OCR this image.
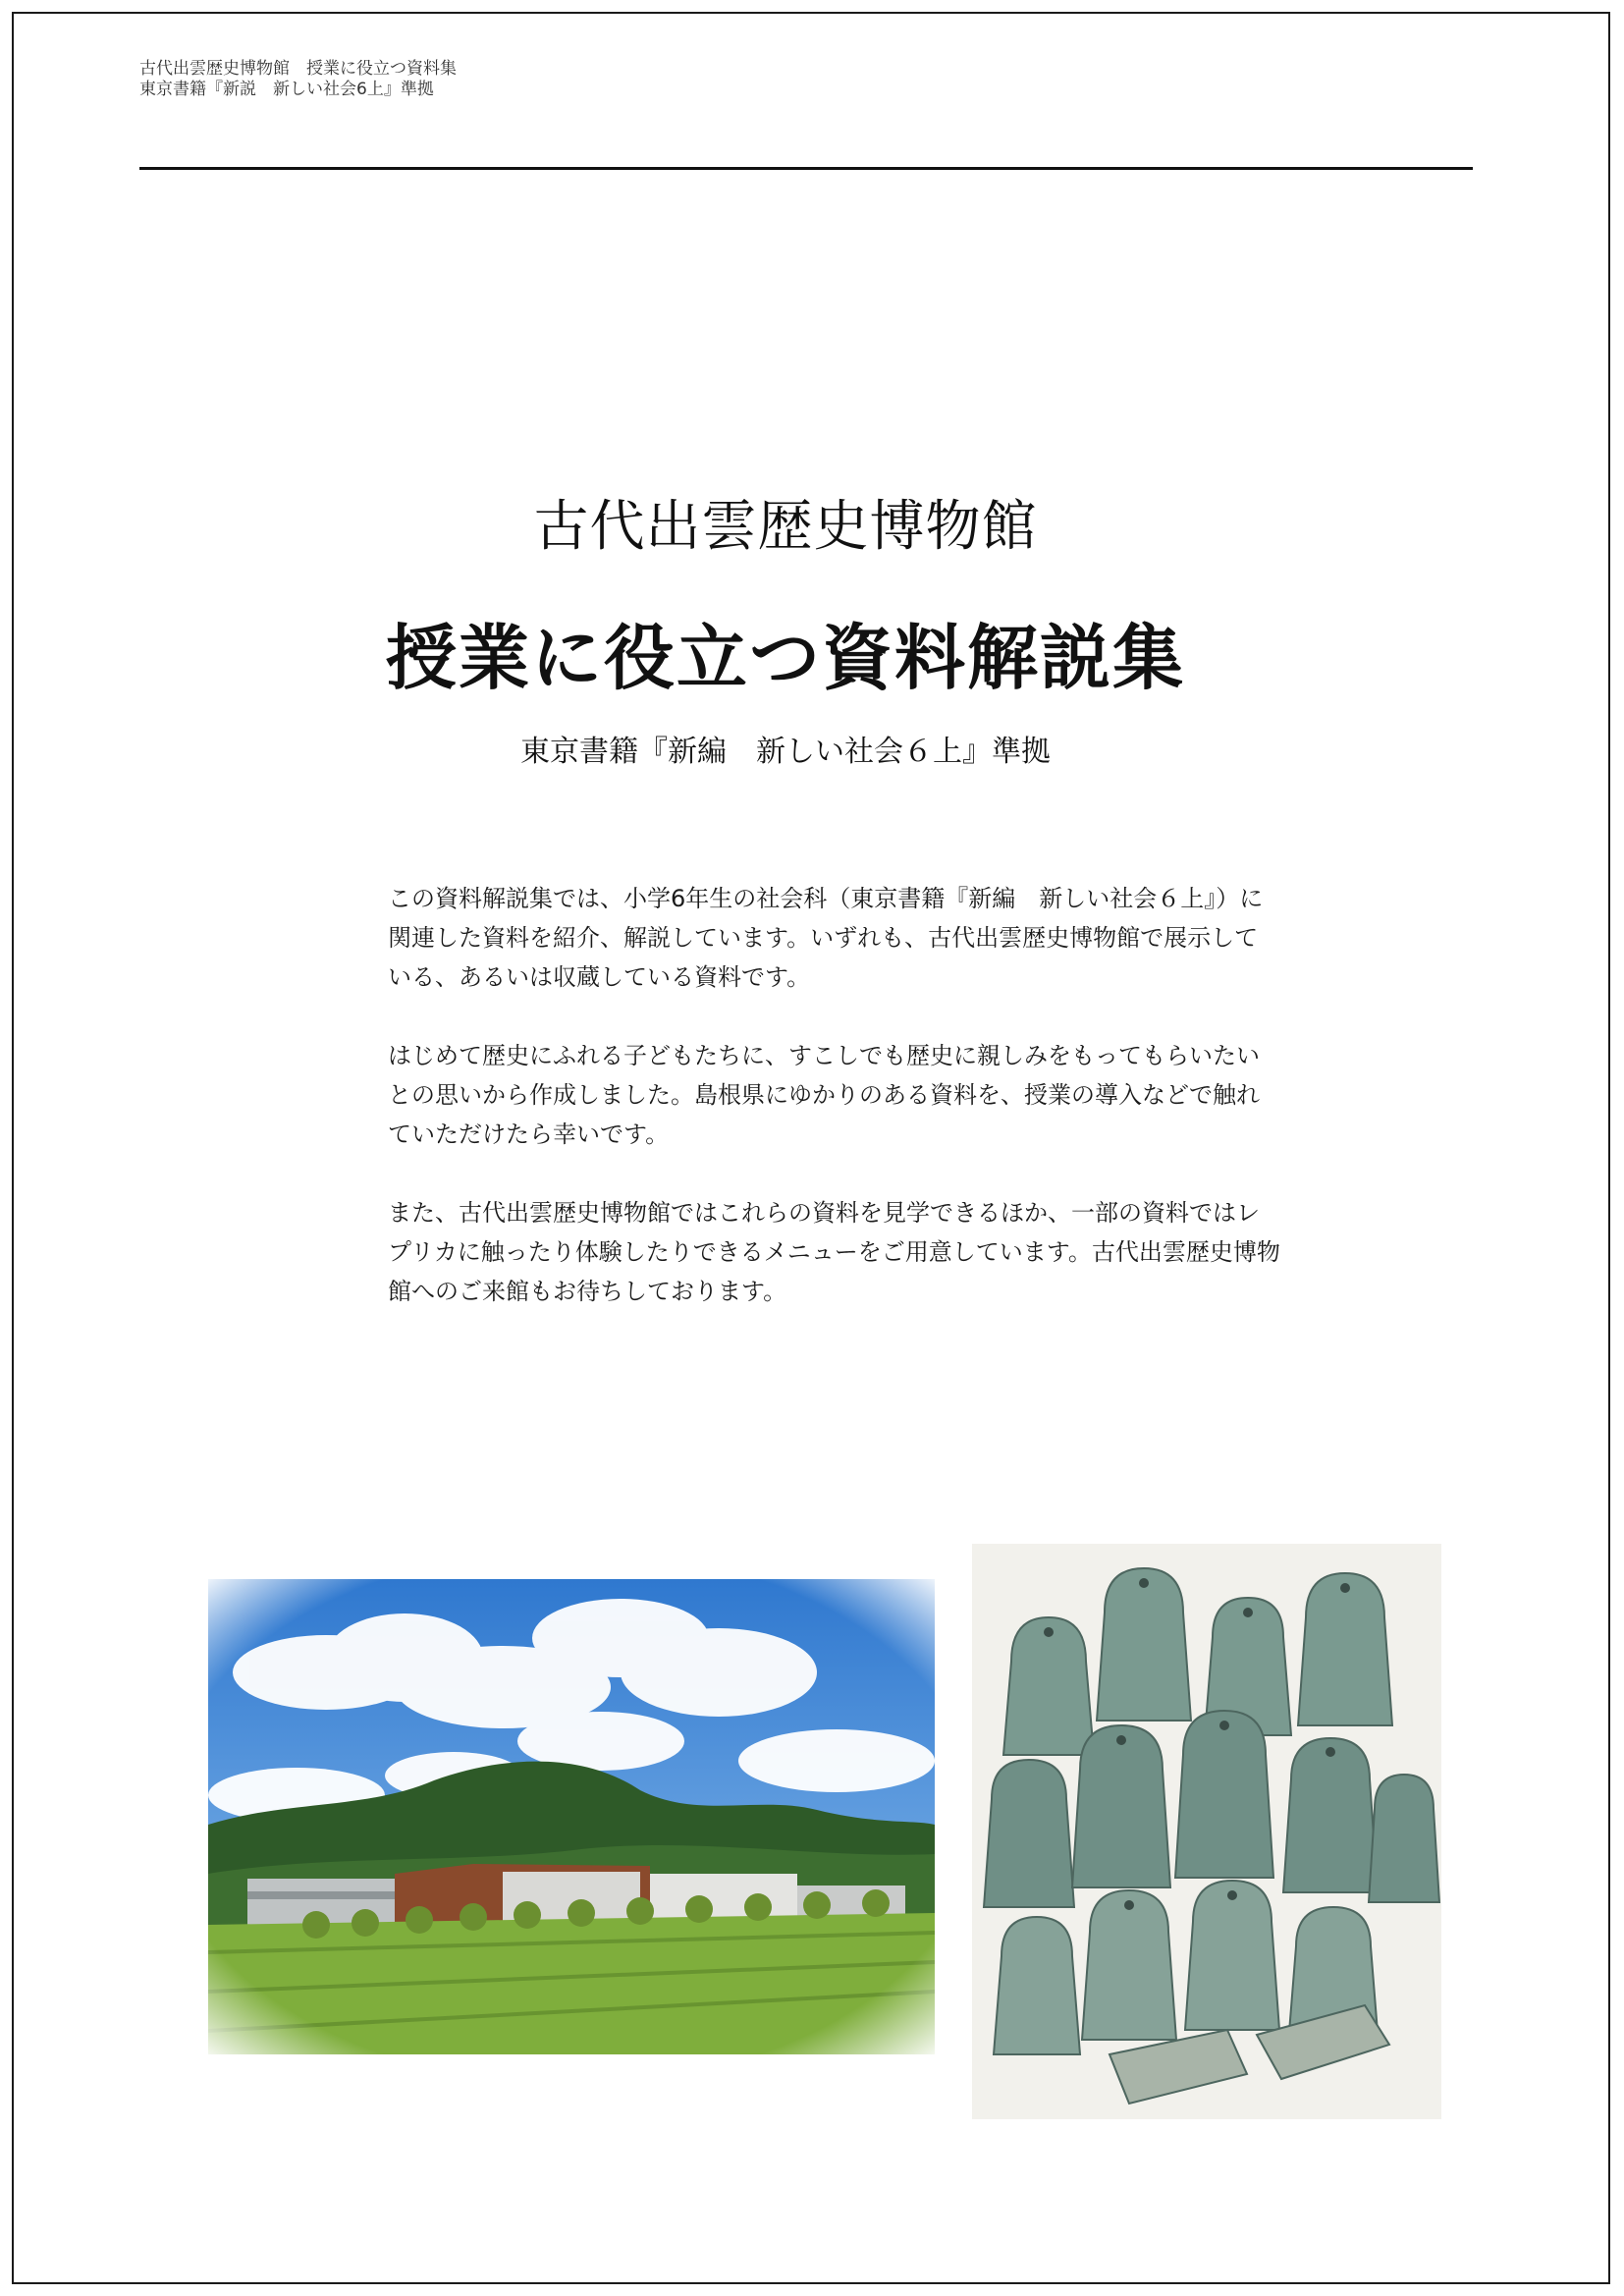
古代出雲歴史博物館　授業に役立つ資料集
東京書籍『新説　新しい社会6上』準拠
古代出雲歴史博物館
授業に役立つ資料解説集
東京書籍『新編　新しい社会６上』準拠

この資料解説集では、小学6年生の社会科（東京書籍『新編　新しい社会６上』）に関連した資料を紹介、解説しています。いずれも、古代出雲歴史博物館で展示している、あるいは収蔵している資料です。

はじめて歴史にふれる子どもたちに、すこしでも歴史に親しみをもってもらいたいとの思いから作成しました。島根県にゆかりのある資料を、授業の導入などで触れていただけたら幸いです。

また、古代出雲歴史博物館ではこれらの資料を見学できるほか、一部の資料ではレプリカに触ったり体験したりできるメニューをご用意しています。古代出雲歴史博物館へのご来館もお待ちしております。
